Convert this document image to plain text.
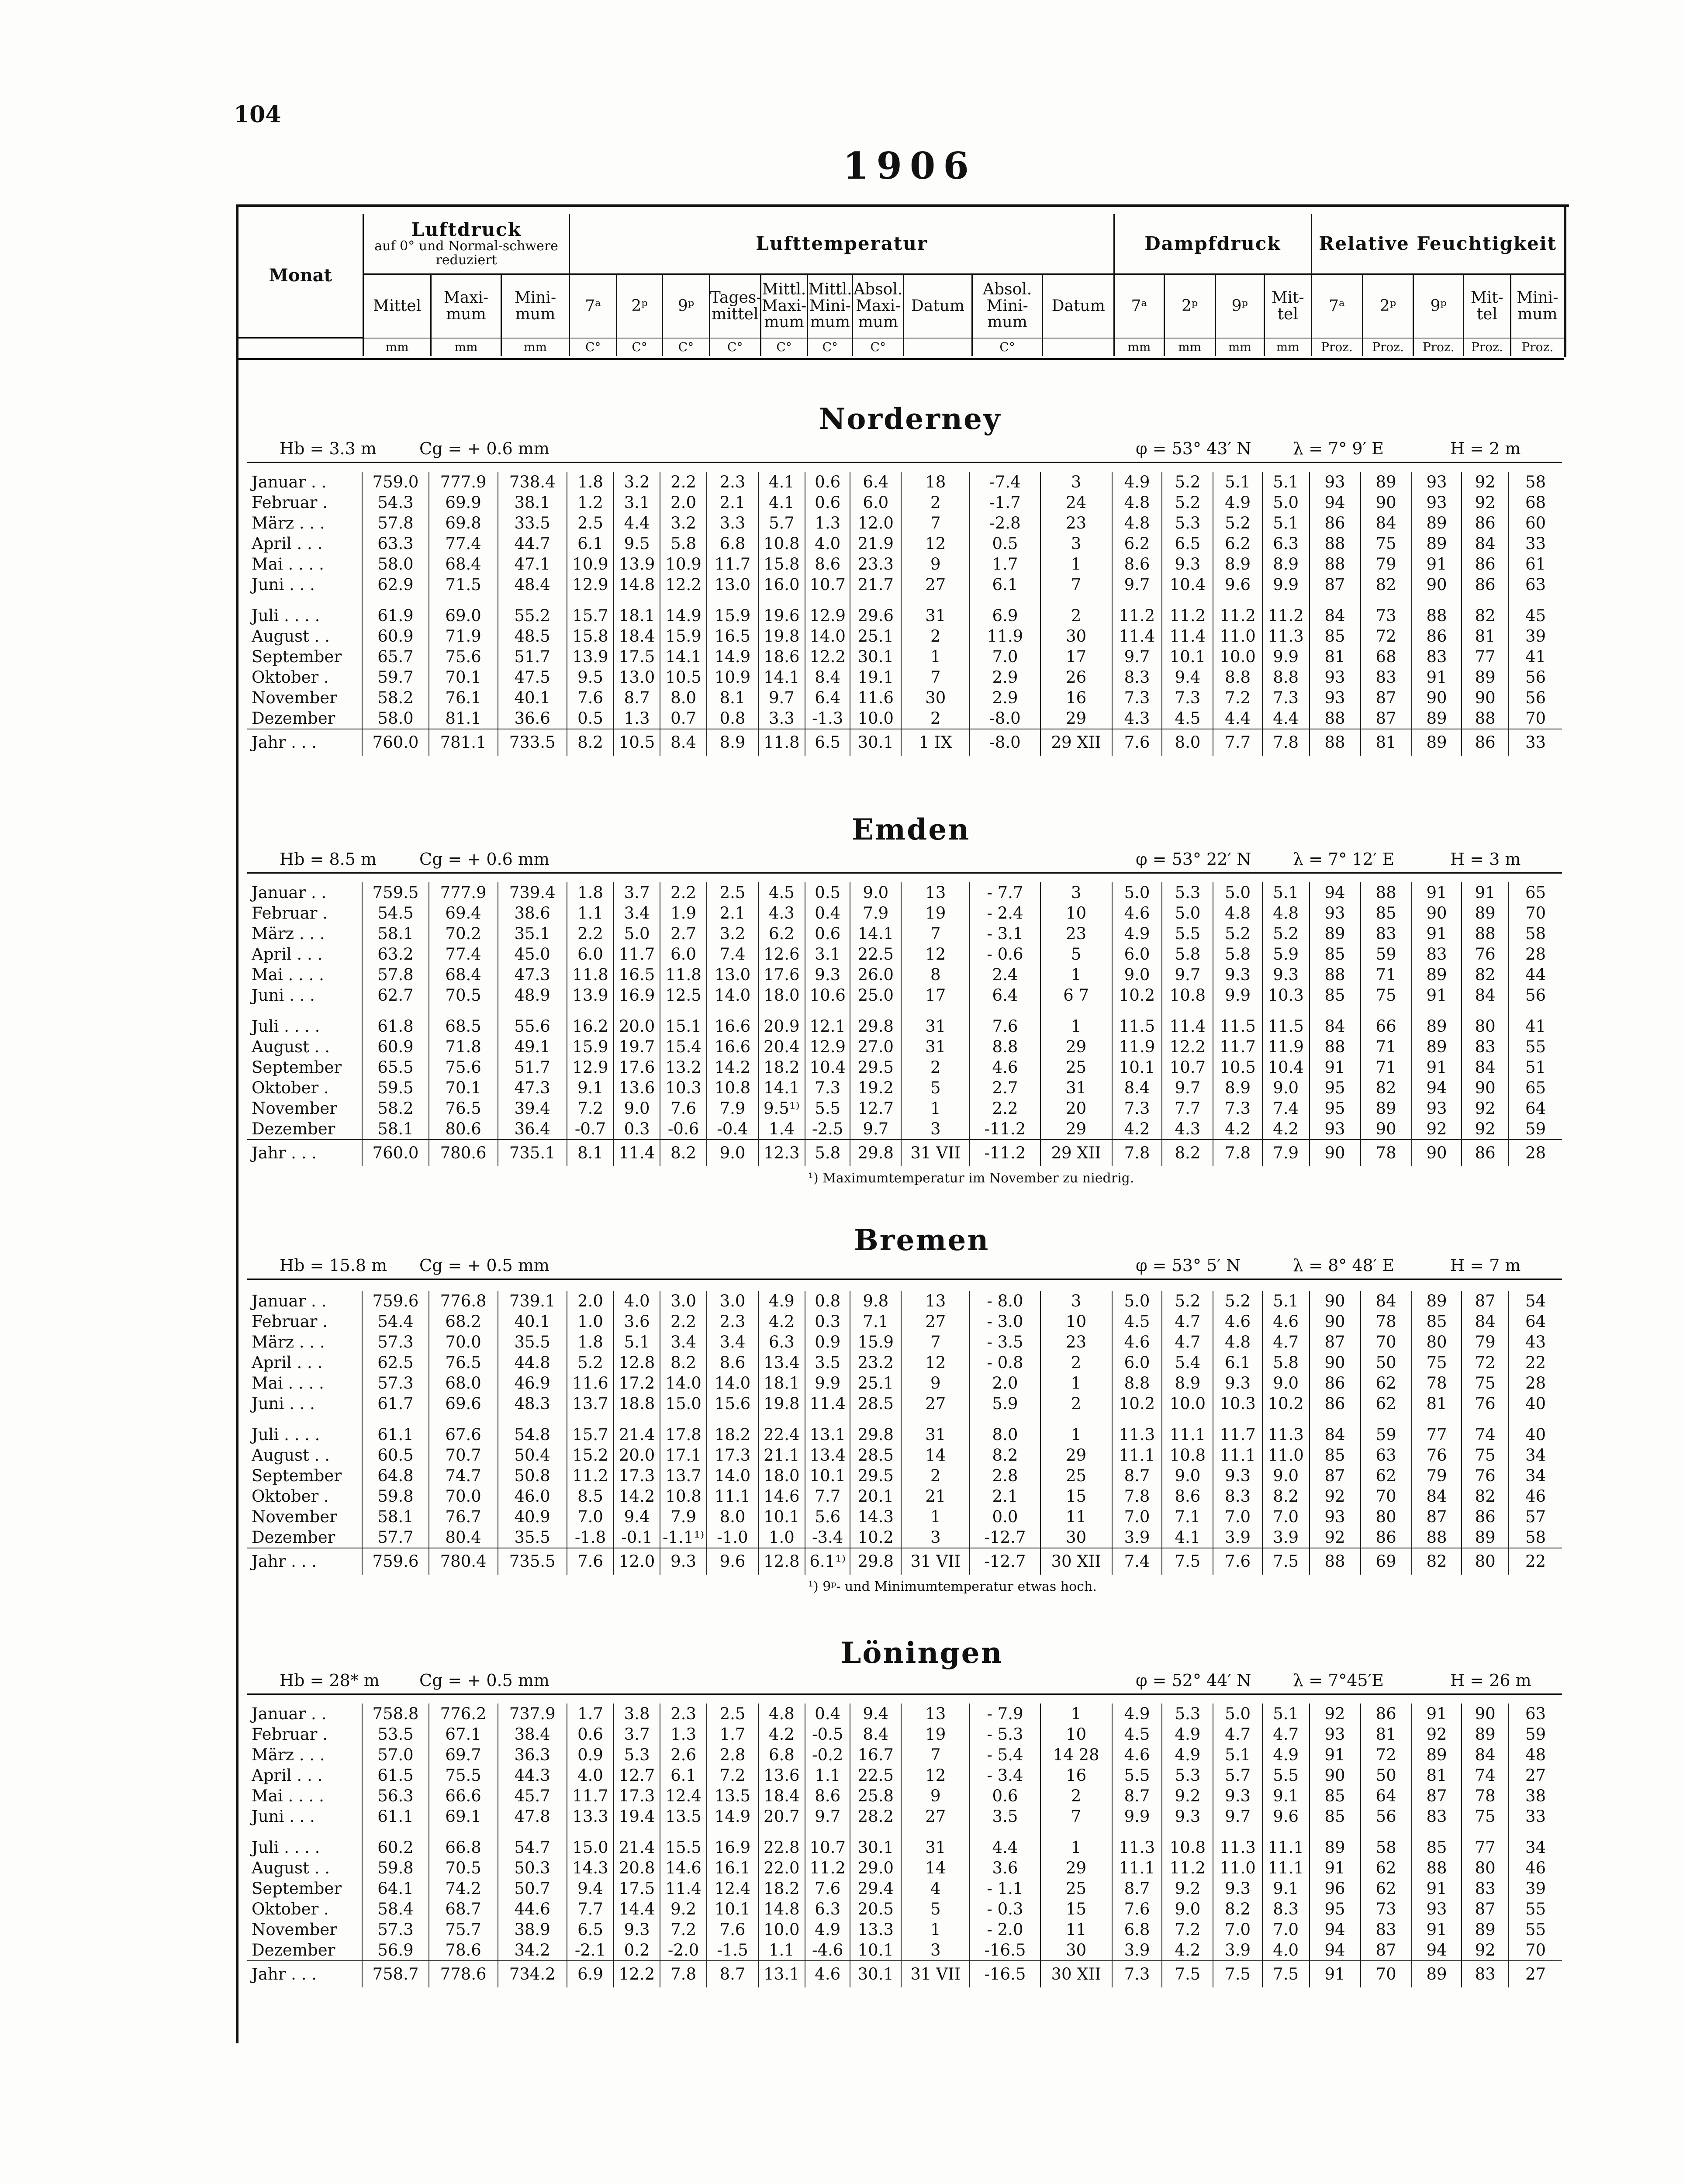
104
1906
Monat	Luftdruck
auf 0° und Normal-schwere reduziert			Lufttemperatur										Dampfdruck				Relative Feuchtigkeit				
	Mittel	Maxi-mum	Mini-mum	7ᵃ	2ᵖ	9ᵖ	Tages-mittel	Mittl. Maxi-mum	Mittl. Mini-mum	Absol. Maxi-mum	Datum	Absol. Mini-mum	Datum	7ᵃ	2ᵖ	9ᵖ	Mit-tel	7ᵃ	2ᵖ	9ᵖ	Mit-tel	Mini-mum
	mm	mm	mm	C°	C°	C°	C°	C°	C°	C°		C°		mm	mm	mm	mm	Proz.	Proz.	Proz.	Proz.	Proz.
Norderney
Hb = 3.3 m	Cg = + 0.6 mm	φ = 53° 43′ N	λ = 7° 9′ E	H = 2 m
Januar . .	759.0	777.9	738.4	1.8	3.2	2.2	2.3	4.1	0.6	6.4	18	-7.4	3	4.9	5.2	5.1	5.1	93	89	93	92	58
Februar .	54.3	69.9	38.1	1.2	3.1	2.0	2.1	4.1	0.6	6.0	2	-1.7	24	4.8	5.2	4.9	5.0	94	90	93	92	68
März . . .	57.8	69.8	33.5	2.5	4.4	3.2	3.3	5.7	1.3	12.0	7	-2.8	23	4.8	5.3	5.2	5.1	86	84	89	86	60
April . . .	63.3	77.4	44.7	6.1	9.5	5.8	6.8	10.8	4.0	21.9	12	0.5	3	6.2	6.5	6.2	6.3	88	75	89	84	33
Mai . . . .	58.0	68.4	47.1	10.9	13.9	10.9	11.7	15.8	8.6	23.3	9	1.7	1	8.6	9.3	8.9	8.9	88	79	91	86	61
Juni . . .	62.9	71.5	48.4	12.9	14.8	12.2	13.0	16.0	10.7	21.7	27	6.1	7	9.7	10.4	9.6	9.9	87	82	90	86	63

Juli . . . .	61.9	69.0	55.2	15.7	18.1	14.9	15.9	19.6	12.9	29.6	31	6.9	2	11.2	11.2	11.2	11.2	84	73	88	82	45
August . .	60.9	71.9	48.5	15.8	18.4	15.9	16.5	19.8	14.0	25.1	2	11.9	30	11.4	11.4	11.0	11.3	85	72	86	81	39
September	65.7	75.6	51.7	13.9	17.5	14.1	14.9	18.6	12.2	30.1	1	7.0	17	9.7	10.1	10.0	9.9	81	68	83	77	41
Oktober .	59.7	70.1	47.5	9.5	13.0	10.5	10.9	14.1	8.4	19.1	7	2.9	26	8.3	9.4	8.8	8.8	93	83	91	89	56
November	58.2	76.1	40.1	7.6	8.7	8.0	8.1	9.7	6.4	11.6	30	2.9	16	7.3	7.3	7.2	7.3	93	87	90	90	56
Dezember	58.0	81.1	36.6	0.5	1.3	0.7	0.8	3.3	-1.3	10.0	2	-8.0	29	4.3	4.5	4.4	4.4	88	87	89	88	70
Jahr . . .	760.0	781.1	733.5	8.2	10.5	8.4	8.9	11.8	6.5	30.1	1 IX	-8.0	29 XII	7.6	8.0	7.7	7.8	88	81	89	86	33
Emden
Hb = 8.5 m	Cg = + 0.6 mm	φ = 53° 22′ N	λ = 7° 12′ E	H = 3 m
Januar . .	759.5	777.9	739.4	1.8	3.7	2.2	2.5	4.5	0.5	9.0	13	- 7.7	3	5.0	5.3	5.0	5.1	94	88	91	91	65
Februar .	54.5	69.4	38.6	1.1	3.4	1.9	2.1	4.3	0.4	7.9	19	- 2.4	10	4.6	5.0	4.8	4.8	93	85	90	89	70
März . . .	58.1	70.2	35.1	2.2	5.0	2.7	3.2	6.2	0.6	14.1	7	- 3.1	23	4.9	5.5	5.2	5.2	89	83	91	88	58
April . . .	63.2	77.4	45.0	6.0	11.7	6.0	7.4	12.6	3.1	22.5	12	- 0.6	5	6.0	5.8	5.8	5.9	85	59	83	76	28
Mai . . . .	57.8	68.4	47.3	11.8	16.5	11.8	13.0	17.6	9.3	26.0	8	2.4	1	9.0	9.7	9.3	9.3	88	71	89	82	44
Juni . . .	62.7	70.5	48.9	13.9	16.9	12.5	14.0	18.0	10.6	25.0	17	6.4	6 7	10.2	10.8	9.9	10.3	85	75	91	84	56

Juli . . . .	61.8	68.5	55.6	16.2	20.0	15.1	16.6	20.9	12.1	29.8	31	7.6	1	11.5	11.4	11.5	11.5	84	66	89	80	41
August . .	60.9	71.8	49.1	15.9	19.7	15.4	16.6	20.4	12.9	27.0	31	8.8	29	11.9	12.2	11.7	11.9	88	71	89	83	55
September	65.5	75.6	51.7	12.9	17.6	13.2	14.2	18.2	10.4	29.5	2	4.6	25	10.1	10.7	10.5	10.4	91	71	91	84	51
Oktober .	59.5	70.1	47.3	9.1	13.6	10.3	10.8	14.1	7.3	19.2	5	2.7	31	8.4	9.7	8.9	9.0	95	82	94	90	65
November	58.2	76.5	39.4	7.2	9.0	7.6	7.9	9.5¹⁾	5.5	12.7	1	2.2	20	7.3	7.7	7.3	7.4	95	89	93	92	64
Dezember	58.1	80.6	36.4	-0.7	0.3	-0.6	-0.4	1.4	-2.5	9.7	3	-11.2	29	4.2	4.3	4.2	4.2	93	90	92	92	59
Jahr . . .	760.0	780.6	735.1	8.1	11.4	8.2	9.0	12.3	5.8	29.8	31 VII	-11.2	29 XII	7.8	8.2	7.8	7.9	90	78	90	86	28
¹) Maximumtemperatur im November zu niedrig.
Bremen
Hb = 15.8 m Cg = + 0.5 mm	φ = 53° 5′ N	λ = 8° 48′ E	H = 7 m
Januar . .	759.6	776.8	739.1	2.0	4.0	3.0	3.0	4.9	0.8	9.8	13	- 8.0	3	5.0	5.2	5.2	5.1	90	84	89	87	54
Februar .	54.4	68.2	40.1	1.0	3.6	2.2	2.3	4.2	0.3	7.1	27	- 3.0	10	4.5	4.7	4.6	4.6	90	78	85	84	64
März . . .	57.3	70.0	35.5	1.8	5.1	3.4	3.4	6.3	0.9	15.9	7	- 3.5	23	4.6	4.7	4.8	4.7	87	70	80	79	43
April . . .	62.5	76.5	44.8	5.2	12.8	8.2	8.6	13.4	3.5	23.2	12	- 0.8	2	6.0	5.4	6.1	5.8	90	50	75	72	22
Mai . . . .	57.3	68.0	46.9	11.6	17.2	14.0	14.0	18.1	9.9	25.1	9	2.0	1	8.8	8.9	9.3	9.0	86	62	78	75	28
Juni . . .	61.7	69.6	48.3	13.7	18.8	15.0	15.6	19.8	11.4	28.5	27	5.9	2	10.2	10.0	10.3	10.2	86	62	81	76	40

Juli . . . .	61.1	67.6	54.8	15.7	21.4	17.8	18.2	22.4	13.1	29.8	31	8.0	1	11.3	11.1	11.7	11.3	84	59	77	74	40
August . .	60.5	70.7	50.4	15.2	20.0	17.1	17.3	21.1	13.4	28.5	14	8.2	29	11.1	10.8	11.1	11.0	85	63	76	75	34
September	64.8	74.7	50.8	11.2	17.3	13.7	14.0	18.0	10.1	29.5	2	2.8	25	8.7	9.0	9.3	9.0	87	62	79	76	34
Oktober .	59.8	70.0	46.0	8.5	14.2	10.8	11.1	14.6	7.7	20.1	21	2.1	15	7.8	8.6	8.3	8.2	92	70	84	82	46
November	58.1	76.7	40.9	7.0	9.4	7.9	8.0	10.1	5.6	14.3	1	0.0	11	7.0	7.1	7.0	7.0	93	80	87	86	57
Dezember	57.7	80.4	35.5	-1.8	-0.1	-1.1¹⁾	-1.0	1.0	-3.4	10.2	3	-12.7	30	3.9	4.1	3.9	3.9	92	86	88	89	58
Jahr . . .	759.6	780.4	735.5	7.6	12.0	9.3	9.6	12.8	6.1¹⁾	29.8	31 VII	-12.7	30 XII	7.4	7.5	7.6	7.5	88	69	82	80	22
¹) 9ᵖ- und Minimumtemperatur etwas hoch.
Löningen
Hb = 28* m Cg = + 0.5 mm	φ = 52° 44′ N	λ = 7°45′E	H = 26 m
Januar . .	758.8	776.2	737.9	1.7	3.8	2.3	2.5	4.8	0.4	9.4	13	- 7.9	1	4.9	5.3	5.0	5.1	92	86	91	90	63
Februar .	53.5	67.1	38.4	0.6	3.7	1.3	1.7	4.2	-0.5	8.4	19	- 5.3	10	4.5	4.9	4.7	4.7	93	81	92	89	59
März . . .	57.0	69.7	36.3	0.9	5.3	2.6	2.8	6.8	-0.2	16.7	7	- 5.4	14 28	4.6	4.9	5.1	4.9	91	72	89	84	48
April . . .	61.5	75.5	44.3	4.0	12.7	6.1	7.2	13.6	1.1	22.5	12	- 3.4	16	5.5	5.3	5.7	5.5	90	50	81	74	27
Mai . . . .	56.3	66.6	45.7	11.7	17.3	12.4	13.5	18.4	8.6	25.8	9	0.6	2	8.7	9.2	9.3	9.1	85	64	87	78	38
Juni . . .	61.1	69.1	47.8	13.3	19.4	13.5	14.9	20.7	9.7	28.2	27	3.5	7	9.9	9.3	9.7	9.6	85	56	83	75	33

Juli . . . .	60.2	66.8	54.7	15.0	21.4	15.5	16.9	22.8	10.7	30.1	31	4.4	1	11.3	10.8	11.3	11.1	89	58	85	77	34
August . .	59.8	70.5	50.3	14.3	20.8	14.6	16.1	22.0	11.2	29.0	14	3.6	29	11.1	11.2	11.0	11.1	91	62	88	80	46
September	64.1	74.2	50.7	9.4	17.5	11.4	12.4	18.2	7.6	29.4	4	- 1.1	25	8.7	9.2	9.3	9.1	96	62	91	83	39
Oktober .	58.4	68.7	44.6	7.7	14.4	9.2	10.1	14.8	6.3	20.5	5	- 0.3	15	7.6	9.0	8.2	8.3	95	73	93	87	55
November	57.3	75.7	38.9	6.5	9.3	7.2	7.6	10.0	4.9	13.3	1	- 2.0	11	6.8	7.2	7.0	7.0	94	83	91	89	55
Dezember	56.9	78.6	34.2	-2.1	0.2	-2.0	-1.5	1.1	-4.6	10.1	3	-16.5	30	3.9	4.2	3.9	4.0	94	87	94	92	70
Jahr . . .	758.7	778.6	734.2	6.9	12.2	7.8	8.7	13.1	4.6	30.1	31 VII	-16.5	30 XII	7.3	7.5	7.5	7.5	91	70	89	83	27
